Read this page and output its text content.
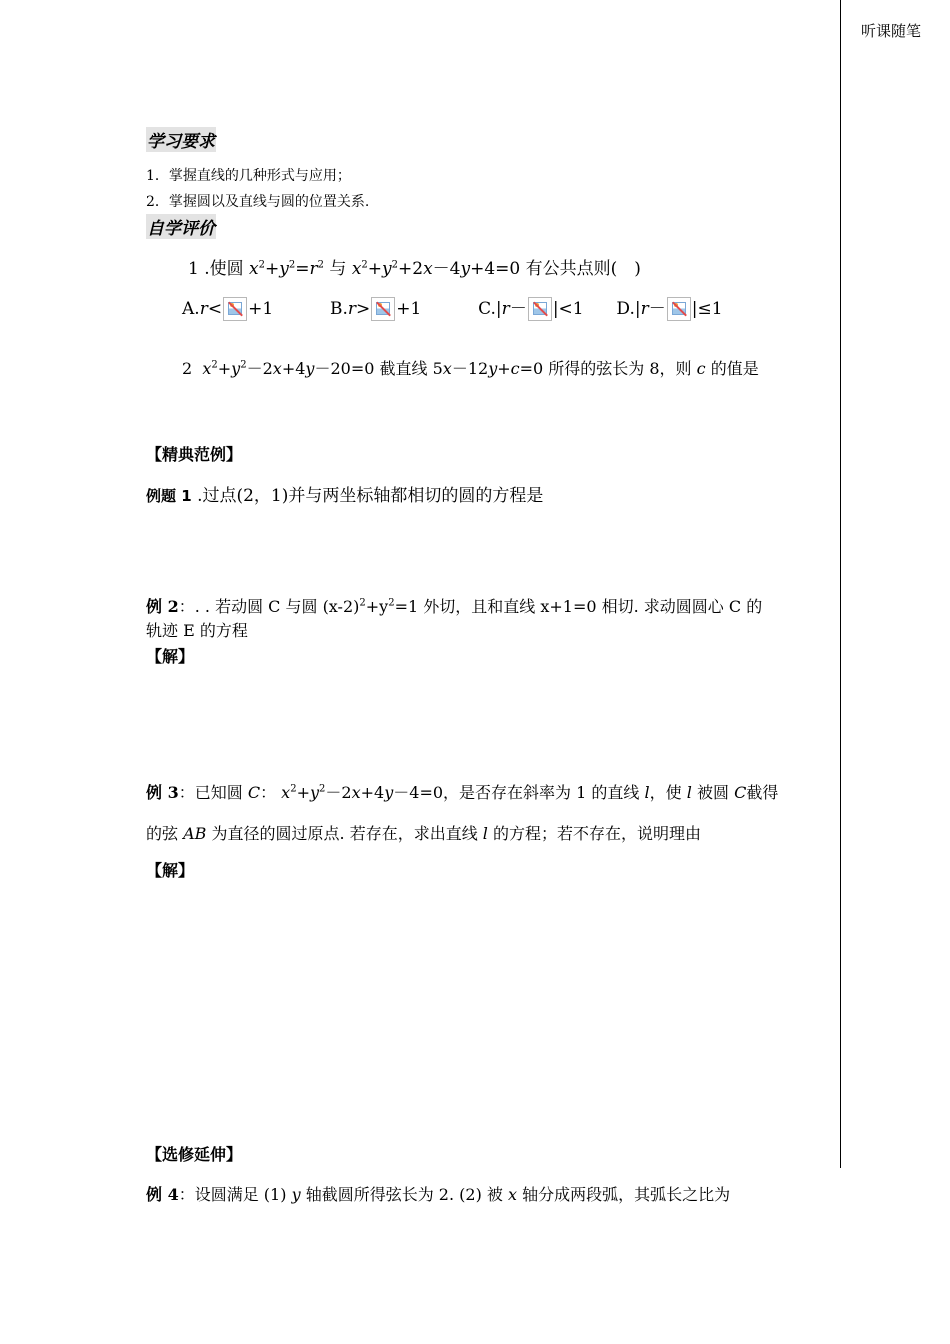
听课随笔
学习要求
1．掌握直线的几种形式与应用；
2．掌握圆以及直线与圆的位置关系.
自学评价
1 .使圆 $x^2+y^2=r^2$ 与 $x^2+y^2+2x-4y+4=0$ 有公共点则(　)
A.r< +1	B.r> +1	C.|r－ |<1 D.|r－ |≤1
2 $x^2+y^2-2x+4y-20=0$ 截直线 5x－12y+c=0 所得的弦长为 8，则 c 的值是
【精典范例】
例题 1 .过点(2，1)并与两坐标轴都相切的圆的方程是
例 2：. . 若动圆 C 与圆 $(x-2)^2+y^2=1$ 外切，且和直线 x+1=0 相切. 求动圆圆心 C 的
轨迹 E 的方程
【解】
例 3：已知圆 C： $x^2+y^2-2x+4y-4=0$，是否存在斜率为 1 的直线 l，使 l 被圆 C截得
的弦 AB 为直径的圆过原点. 若存在，求出直线 l 的方程；若不存在，说明理由
【解】
【选修延伸】
例 4：设圆满足 (1) y 轴截圆所得弦长为 2. (2) 被 x 轴分成两段弧，其弧长之比为
